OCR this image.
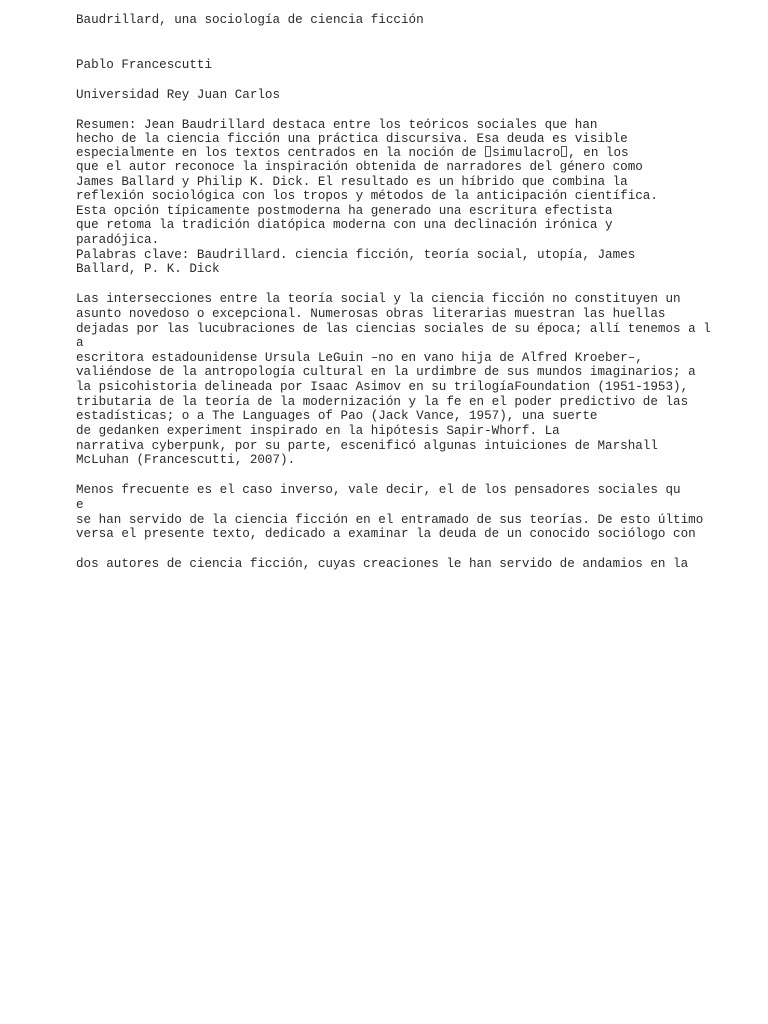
Baudrillard, una sociología de ciencia ficción

Pablo Francescutti

Universidad Rey Juan Carlos

Resumen: Jean Baudrillard destaca entre los teóricos sociales que han

hecho de la ciencia ficción una práctica discursiva. Esa deuda es visible

especialmente en los textos centrados en la noción de simulacro , en los

que el autor reconoce la inspiración obtenida de narradores del género como

James Ballard y Philip K. Dick. El resultado es un híbrido que combina la

reflexión sociológica con los tropos y métodos de la anticipación científica.

Esta opción típicamente postmoderna ha generado una escritura efectista

que retoma la tradición diatópica moderna con una declinación irónica y

paradójica.

Palabras clave: Baudrillard. ciencia ficción, teoría social, utopía, James

Ballard, P. K. Dick

Las intersecciones entre la teoría social y la ciencia ficción no constituyen un

asunto novedoso o excepcional. Numerosas obras literarias muestran las huellas

dejadas por las lucubraciones de las ciencias sociales de su época; allí tenemos a l

a

escritora estadounidense Ursula LeGuin –no en vano hija de Alfred Kroeber–,

valiéndose de la antropología cultural en la urdimbre de sus mundos imaginarios; a

la psicohistoria delineada por Isaac Asimov en su trilogíaFoundation (1951-1953),

tributaria de la teoría de la modernización y la fe en el poder predictivo de las

estadísticas; o a The Languages of Pao (Jack Vance, 1957), una suerte

de gedanken experiment inspirado en la hipótesis Sapir-Whorf. La

narrativa cyberpunk, por su parte, escenificó algunas intuiciones de Marshall

McLuhan (Francescutti, 2007).

Menos frecuente es el caso inverso, vale decir, el de los pensadores sociales qu

e

se han servido de la ciencia ficción en el entramado de sus teorías. De esto último

versa el presente texto, dedicado a examinar la deuda de un conocido sociólogo con

dos autores de ciencia ficción, cuyas creaciones le han servido de andamios en la
